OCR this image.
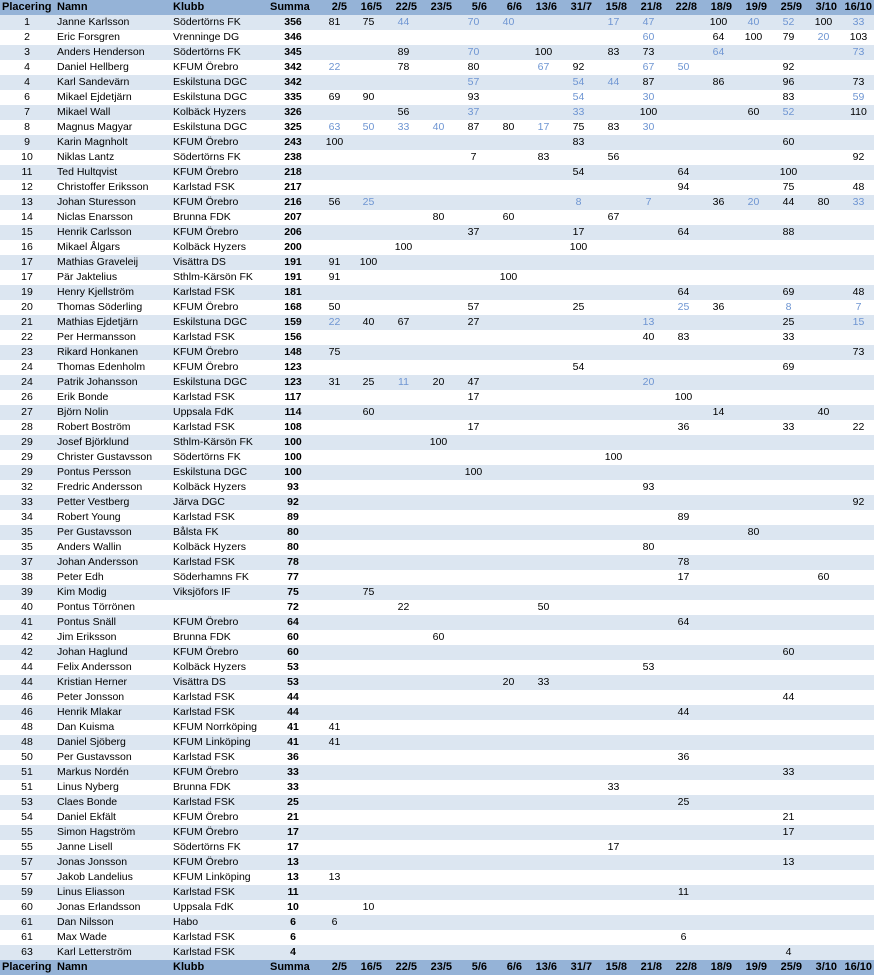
Placering	Namn	Klubb	Summa	2/5	16/5	22/5	23/5	5/6	6/6	13/6	31/7	15/8	21/8	22/8	18/9	19/9	25/9	3/10	16/10
1	Janne Karlsson	Södertörns FK	356	81	75	44		70	40			17	47		100	40	52	100	33
2	Eric Forsgren	Vrenninge DG	346										60		64	100	79	20	103
3	Anders Henderson	Södertörns FK	345			89		70		100		83	73		64				73
4	Daniel Hellberg	KFUM Örebro	342	22		78		80		67	92		67	50			92		
4	Karl Sandevärn	Eskilstuna DGC	342					57			54	44	87		86		96		73
6	Mikael Ejdetjärn	Eskilstuna DGC	335	69	90			93			54		30				83		59
7	Mikael Wall	Kolbäck Hyzers	326			56		37			33		100			60	52		110
8	Magnus Magyar	Eskilstuna DGC	325	63	50	33	40	87	80	17	75	83	30						
9	Karin Magnholt	KFUM Örebro	243	100							83						60		
10	Niklas Lantz	Södertörns FK	238					7		83		56							92
11	Ted Hultqvist	KFUM Örebro	218								54			64			100		
12	Christoffer Eriksson	Karlstad FSK	217											94			75		48
13	Johan Sturesson	KFUM Örebro	216	56	25						8		7		36	20	44	80	33
14	Niclas Enarsson	Brunna FDK	207				80		60			67							
15	Henrik Carlsson	KFUM Örebro	206					37			17			64			88		
16	Mikael Ålgars	Kolbäck Hyzers	200			100					100								
17	Mathias Graveleij	Visättra DS	191	91	100														
17	Pär Jaktelius	Sthlm-Kärsön FK	191	91					100										
19	Henry Kjellström	Karlstad FSK	181											64			69		48
20	Thomas Söderling	KFUM Örebro	168	50				57			25			25	36		8		7
21	Mathias Ejdetjärn	Eskilstuna DGC	159	22	40	67		27					13				25		15
22	Per Hermansson	Karlstad FSK	156										40	83			33		
23	Rikard Honkanen	KFUM Örebro	148	75															73
24	Thomas Edenholm	KFUM Örebro	123								54						69		
24	Patrik Johansson	Eskilstuna DGC	123	31	25	11	20	47					20						
26	Erik Bonde	Karlstad FSK	117					17						100					
27	Björn Nolin	Uppsala FdK	114		60										14			40	
28	Robert Boström	Karlstad FSK	108					17						36			33		22
29	Josef Björklund	Sthlm-Kärsön FK	100				100												
29	Christer Gustavsson	Södertörns FK	100									100							
29	Pontus Persson	Eskilstuna DGC	100					100											
32	Fredric Andersson	Kolbäck Hyzers	93										93						
33	Petter Vestberg	Järva DGC	92																92
34	Robert Young	Karlstad FSK	89											89					
35	Per Gustavsson	Bålsta FK	80													80			
35	Anders Wallin	Kolbäck Hyzers	80										80						
37	Johan Andersson	Karlstad FSK	78											78					
38	Peter Edh	Söderhamns FK	77											17				60	
39	Kim Modig	Viksjöfors IF	75		75														
40	Pontus Törrönen		72			22				50									
41	Pontus Snäll	KFUM Örebro	64											64					
42	Jim Eriksson	Brunna FDK	60				60												
42	Johan Haglund	KFUM Örebro	60														60		
44	Felix Andersson	Kolbäck Hyzers	53										53						
44	Kristian Herner	Visättra DS	53						20	33									
46	Peter Jonsson	Karlstad FSK	44														44		
46	Henrik Mlakar	Karlstad FSK	44											44					
48	Dan Kuisma	KFUM Norrköping	41	41															
48	Daniel Sjöberg	KFUM Linköping	41	41															
50	Per Gustavsson	Karlstad FSK	36											36					
51	Markus Nordén	KFUM Örebro	33														33		
51	Linus Nyberg	Brunna FDK	33									33							
53	Claes Bonde	Karlstad FSK	25											25					
54	Daniel Ekfält	KFUM Örebro	21														21		
55	Simon Hagström	KFUM Örebro	17														17		
55	Janne Lisell	Södertörns FK	17									17							
57	Jonas Jonsson	KFUM Örebro	13														13		
57	Jakob Landelius	KFUM Linköping	13	13															
59	Linus Eliasson	Karlstad FSK	11											11					
60	Jonas Erlandsson	Uppsala FdK	10		10														
61	Dan Nilsson	Habo	6	6															
61	Max Wade	Karlstad FSK	6											6					
63	Karl Letterström	Karlstad FSK	4														4		
Placering	Namn	Klubb	Summa	2/5	16/5	22/5	23/5	5/6	6/6	13/6	31/7	15/8	21/8	22/8	18/9	19/9	25/9	3/10	16/10
